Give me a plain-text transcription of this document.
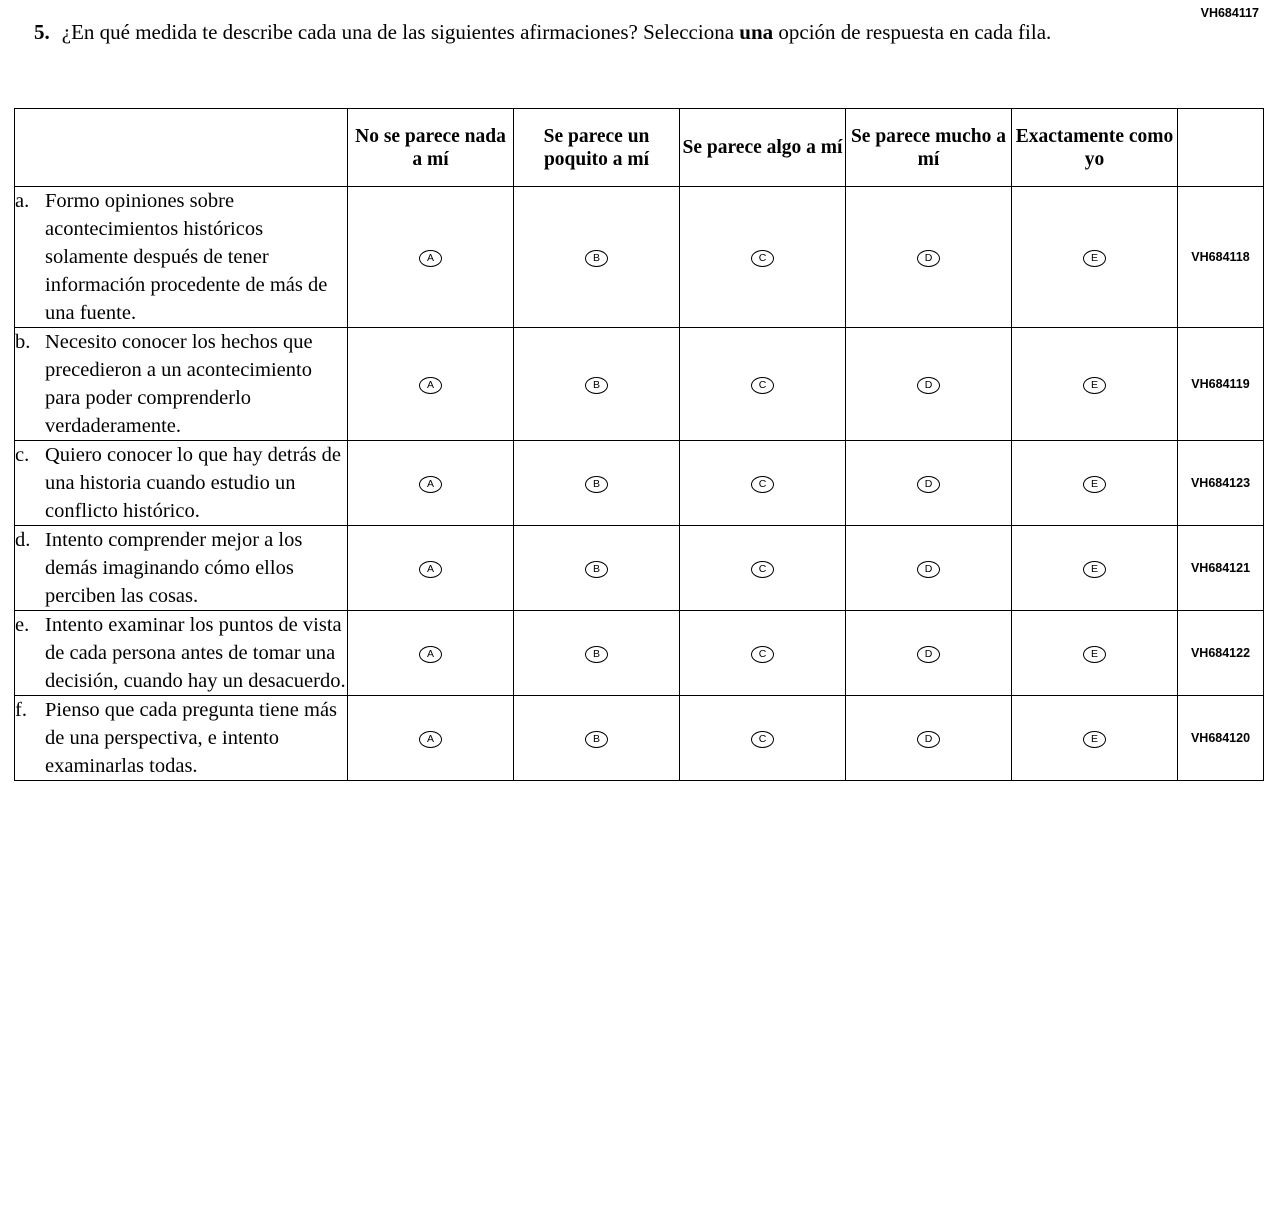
VH684117
5. ¿En qué medida te describe cada una de las siguientes afirmaciones? Selecciona una opción de respuesta en cada fila.
	No se parece nada a mí	Se parece un poquito a mí	Se parece algo a mí	Se parece mucho a mí	Exactamente como yo	

a. Formo opiniones sobre acontecimientos históricos solamente después de tener información procedente de más de una fuente.	A	B	C	D	E	VH684118

b. Necesito conocer los hechos que precedieron a un acontecimiento para poder comprenderlo verdaderamente.	A	B	C	D	E	VH684119

c. Quiero conocer lo que hay detrás de una historia cuando estudio un conflicto histórico.	A	B	C	D	E	VH684123

d. Intento comprender mejor a los demás imaginando cómo ellos perciben las cosas.	A	B	C	D	E	VH684121

e. Intento examinar los puntos de vista de cada persona antes de tomar una decisión, cuando hay un desacuerdo.	A	B	C	D	E	VH684122

f. Pienso que cada pregunta tiene más de una perspectiva, e intento examinarlas todas.	A	B	C	D	E	VH684120
